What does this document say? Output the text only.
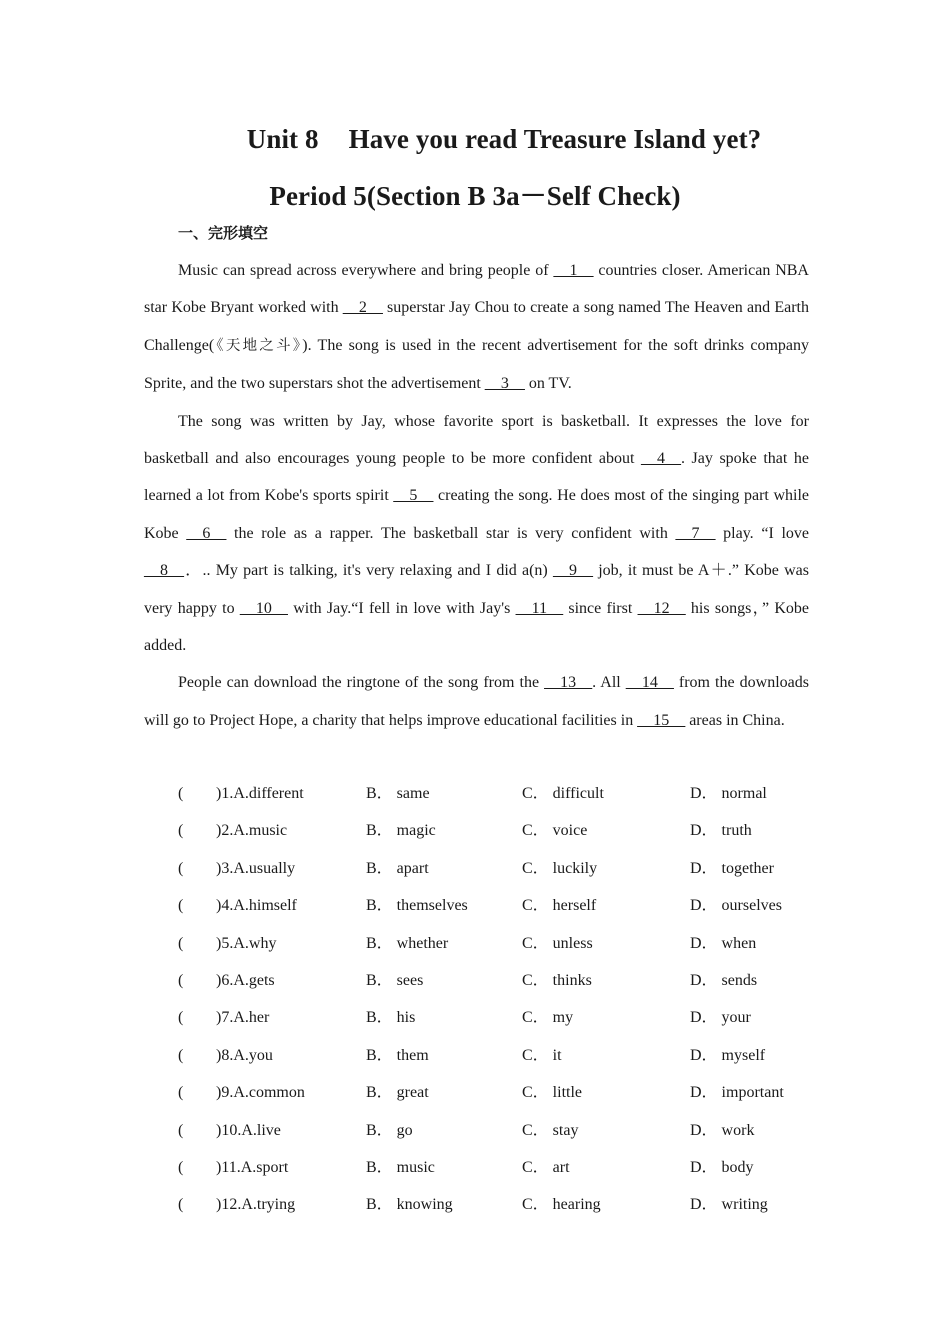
Unit 8 Have you read Treasure Island yet?
Period 5(Section B 3a－Self Check)
一、完形填空

Music can spread across everywhere and bring people of __1__ countries closer. American NBA star Kobe Bryant worked with __2__ superstar Jay Chou to create a song named The Heaven and Earth Challenge(《天地之斗》). The song is used in the recent advertisement for the soft drinks company Sprite, and the two superstars shot the advertisement __3__ on TV.

The song was written by Jay, whose favorite sport is basketball. It expresses the love for basketball and also encourages young people to be more confident about __4__. Jay spoke that he learned a lot from Kobe's sports spirit __5__ creating the song. He does most of the singing part while Kobe __6__ the role as a rapper. The basketball star is very confident with __7__ play. “I love __8__．.. My part is talking, it's very relaxing and I did a(n) __9__ job, it must be A＋.” Kobe was very happy to __10__ with Jay.“I fell in love with Jay's __11__ since first __12__ his songs，” Kobe added.

People can download the ringtone of the song from the __13__. All __14__ from the downloads will go to Project Hope, a charity that helps improve educational facilities in __15__ areas in China.

(　　 )1.A.different	B． same	C． difficult	D． normal
(　　 )2.A.music	B． magic	C． voice	D． truth
(　　 )3.A.usually	B． apart	C． luckily	D． together
(　　 )4.A.himself	B． themselves	C． herself	D． ourselves
(　　 )5.A.why	B． whether	C． unless	D． when
(　　 )6.A.gets	B． sees	C． thinks	D． sends
(　　 )7.A.her	B． his	C． my	D． your
(　　 )8.A.you	B． them	C． it	D． myself
(　　 )9.A.common	B． great	C． little	D． important
(　　 )10.A.live	B． go	C． stay	D． work
(　　 )11.A.sport	B． music	C． art	D． body
(　　 )12.A.trying	B． knowing	C． hearing	D． writing
